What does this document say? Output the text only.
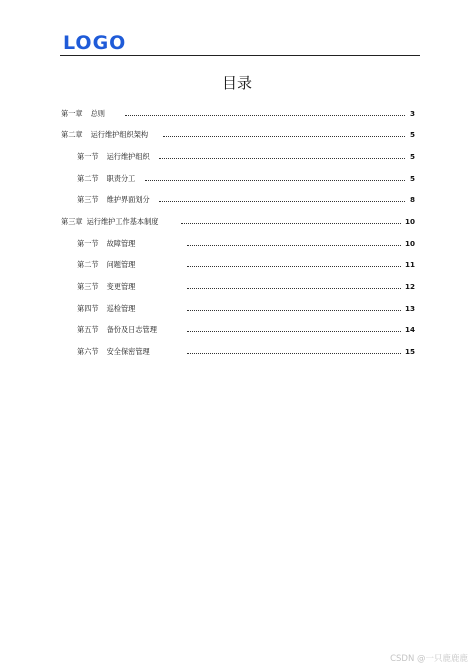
LOGO
目录
第一章 总则	3
第二章 运行维护组织架构	5
第一节 运行维护组织	5
第二节 职责分工	5
第三节 维护界面划分	8
第三章 运行维护工作基本制度	10
第一节 故障管理	10
第二节 问题管理	11
第三节 变更管理	12
第四节 巡检管理	13
第五节 备份及日志管理	14
第六节 安全保密管理	15
CSDN @一只鹿鹿鹿
